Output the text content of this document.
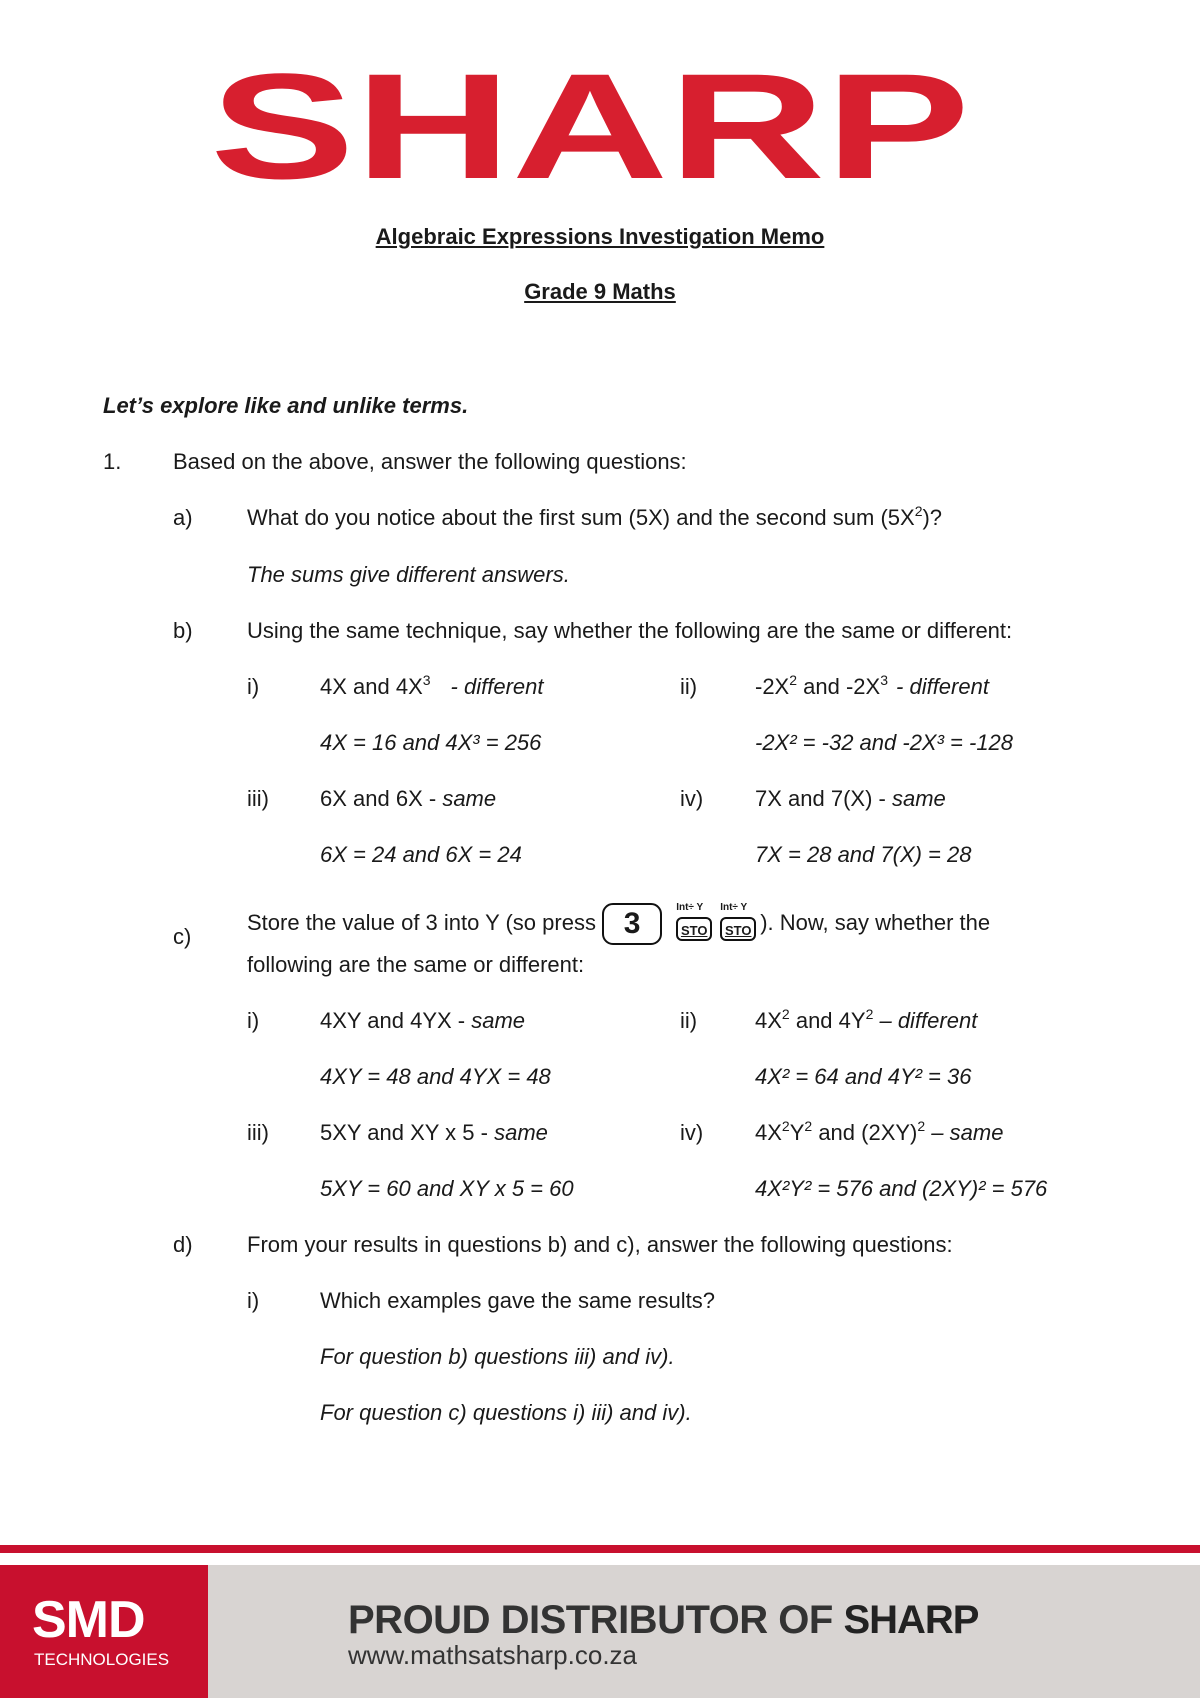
SHARP
Algebraic Expressions Investigation Memo
Grade 9 Maths
Let’s explore like and unlike terms.
1. Based on the above, answer the following questions:
a) What do you notice about the first sum (5X) and the second sum $(5X^2)$?
The sums give different answers.
b) Using the same technique, say whether the following are the same or different:
i)	4X and $4X^3$ - different
4X = 16 and 4X³ = 256
ii)	$-2X^2$ and $-2X^3$ - different
-2X² = -32 and -2X³ = -128
iii) 6X and 6X - same
6X = 24 and 6X = 24
iv) 7X and 7(X) - same
7X = 28 and 7(X) = 28
c)
Store the value of 3 into Y (so press 3	Int÷ Y
STO
Int÷ Y
STO ). Now, say whether the
following are the same or different:
i)	4XY and 4YX - same
4XY = 48 and 4YX = 48
ii)	$4X^2$ and $4Y^2$ – different
4X² = 64 and 4Y² = 36
iii) 5XY and XY x 5 - same
5XY = 60 and XY x 5 = 60
iv) $4X^2Y^2$ and $(2XY)^2$ – same
4X²Y² = 576 and (2XY)² = 576
d) From your results in questions b) and c), answer the following questions:
i)	Which examples gave the same results?
For question b) questions iii) and iv).
For question c) questions i) iii) and iv).
SMD
TECHNOLOGIES
PROUD DISTRIBUTOR OF SHARP
www.mathsatsharp.co.za
